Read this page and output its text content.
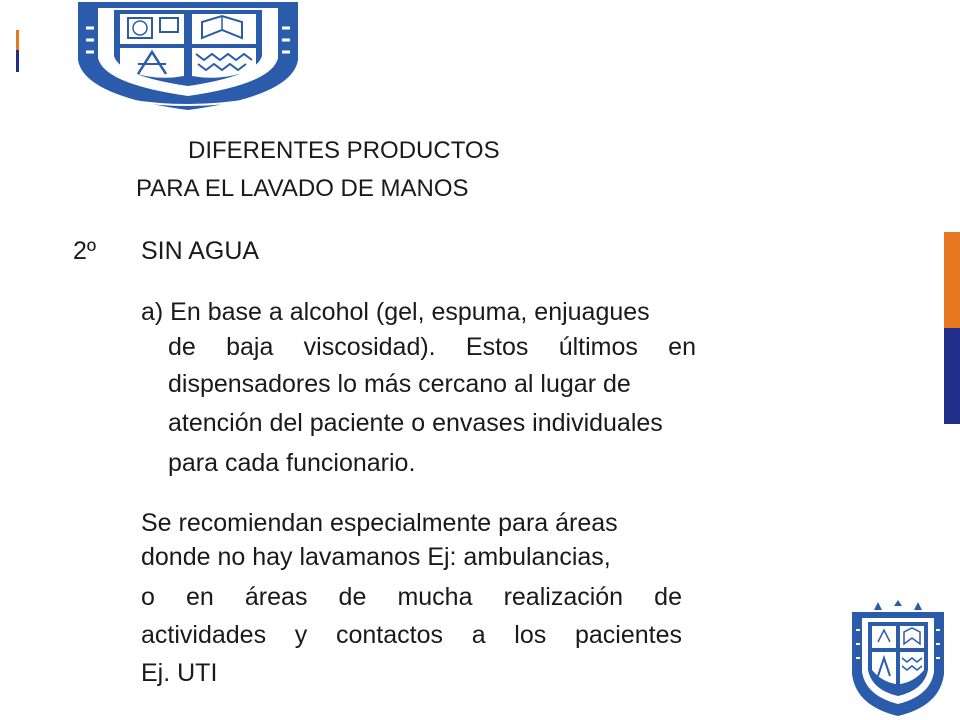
DIFERENTES PRODUCTOS
PARA EL LAVADO DE MANOS
2º SIN AGUA
a) En base a alcohol (gel, espuma, enjuagues
de baja viscosidad). Estos últimos en
dispensadores lo más cercano al lugar de
atención del paciente o envases individuales
para cada funcionario.
Se recomiendan especialmente para áreas
donde no hay lavamanos Ej: ambulancias,
o en áreas de mucha realización de
actividades y contactos a los pacientes
Ej. UTI
